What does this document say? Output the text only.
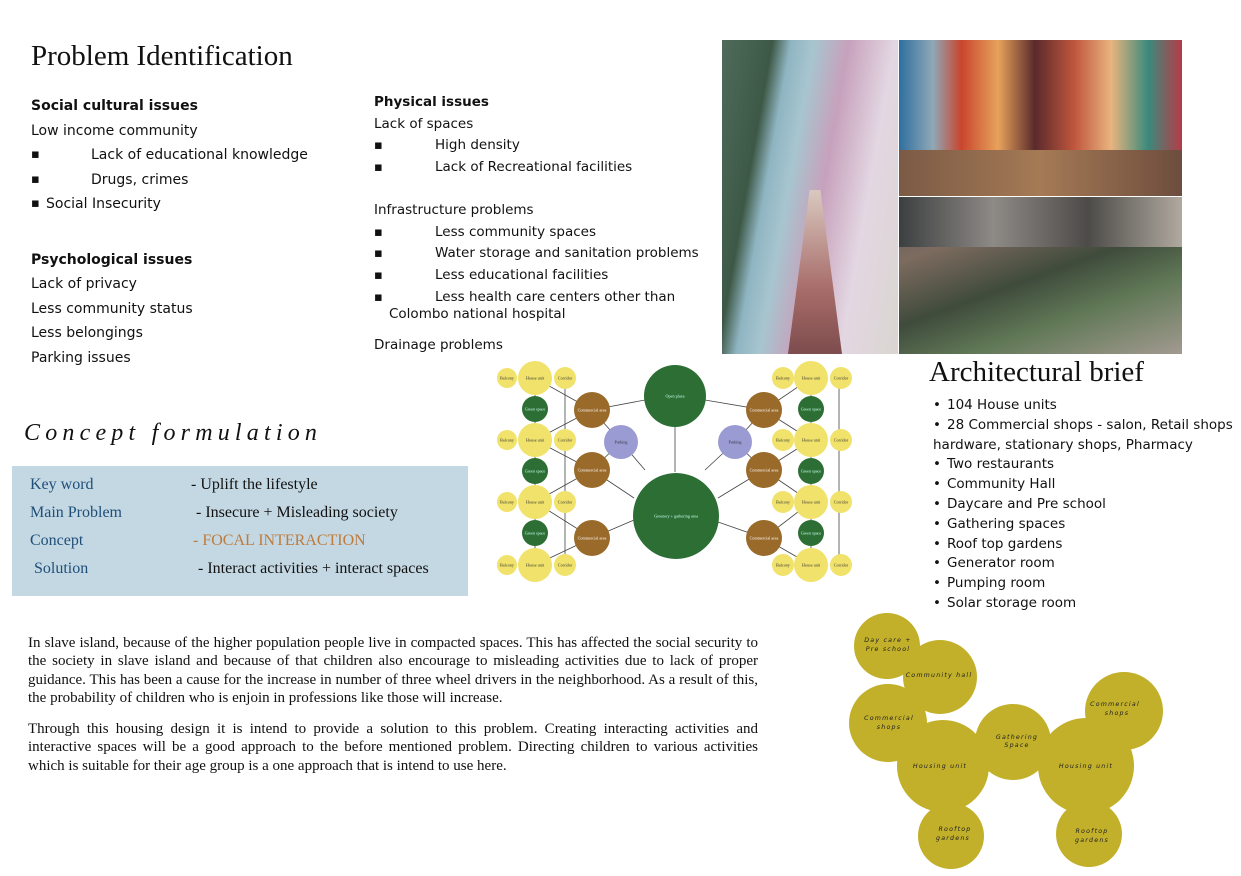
Problem Identification
Social cultural issues
Low income community
▪ Lack of educational knowledge
▪ Drugs, crimes
▪ Social Insecurity
Psychological issues
Lack of privacy
Less community status
Less belongings
Parking issues
Physical issues
Lack of spaces
▪ High density
▪ Lack of Recreational facilities
Infrastructure problems
▪ Less community spaces
▪ Water storage and sanitation problems
▪ Less educational facilities
▪ Less health care centers other than
Colombo national hospital
Drainage problems
Architectural brief
• 104 House units
• 28 Commercial shops - salon, Retail shops
hardware, stationary shops, Pharmacy
• Two restaurants
• Community Hall
• Daycare and Pre school
• Gathering spaces
• Roof top gardens
• Generator room
• Pumping room
• Solar storage room
Concept formulation
Key word	- Uplift the lifestyle
Main Problem	- Insecure + Misleading society
Concept	- FOCAL INTERACTION
Solution	- Interact activities + interact spaces

In slave island, because of the higher population people live in compacted spaces. This has affected the social security to the society in slave island and because of that children also encourage to misleading activities due to lack of proper guidance. This has been a cause for the increase in number of three wheel drivers in the neighborhood. As a result of this, the probability of children who is enjoin in professions like those will increase.

Through this housing design it is intend to provide a solution to this problem. Creating interacting activities and interactive spaces will be a good approach to the before mentioned problem. Directing children to various activities which is suitable for their age group is a one approach that is intend to use here.

Balcony	House unit	Corridor	Balcony	House unit	Corridor
Balcony	House unit	Corridor	Balcony	House unit	Corridor
Balcony	House unit	Corridor	Balcony	House unit	Corridor
Balcony	House unit	Corridor	Balcony	House unit	Corridor
Green space	Green space
Green space	Green space
Green space	Green space
Commercial area	Commercial area
Commercial area	Commercial area
Commercial area	Commercial area
Parking	Parking
Open plaza
Greenery + gathering area
Day care +
Pre school
Community hall
Commercial
shops
Housing unit
Gathering
Space
Commercial
shops
Housing unit
Rooftop
gardens
Rooftop
gardens
